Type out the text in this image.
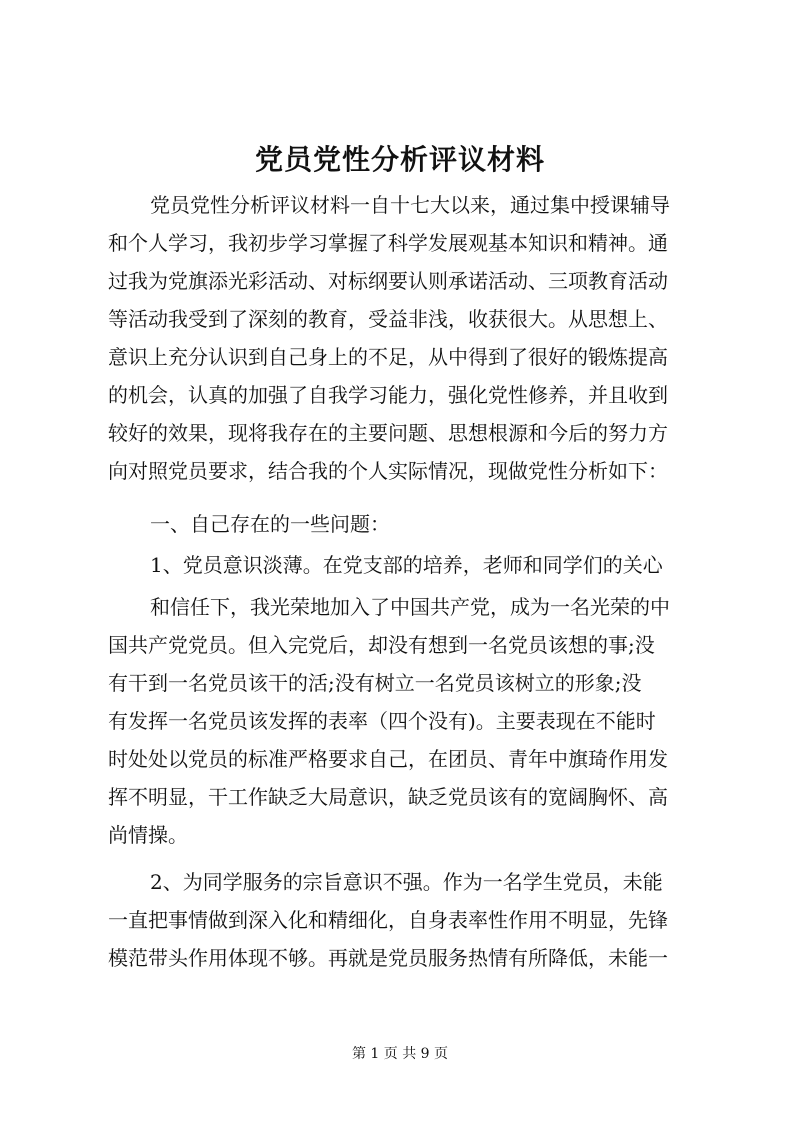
党员党性分析评议材料
党员党性分析评议材料一自十七大以来，通过集中授课辅导
和个人学习，我初步学习掌握了科学发展观基本知识和精神。通
过我为党旗添光彩活动、对标纲要认则承诺活动、三项教育活动
等活动我受到了深刻的教育，受益非浅，收获很大。从思想上、
意识上充分认识到自己身上的不足，从中得到了很好的锻炼提高
的机会，认真的加强了自我学习能力，强化党性修养，并且收到
较好的效果，现将我存在的主要问题、思想根源和今后的努力方
向对照党员要求，结合我的个人实际情况，现做党性分析如下：
一、自己存在的一些问题：
1、党员意识淡薄。在党支部的培养，老师和同学们的关心
和信任下，我光荣地加入了中国共产党，成为一名光荣的中
国共产党党员。但入完党后，却没有想到一名党员该想的事;没
有干到一名党员该干的活;没有树立一名党员该树立的形象;没
有发挥一名党员该发挥的表率（四个没有)。主要表现在不能时
时处处以党员的标准严格要求自己，在团员、青年中旗琦作用发
挥不明显，干工作缺乏大局意识，缺乏党员该有的宽阔胸怀、高
尚情操。
2、为同学服务的宗旨意识不强。作为一名学生党员，未能
一直把事情做到深入化和精细化，自身表率性作用不明显，先锋
模范带头作用体现不够。再就是党员服务热情有所降低，未能一
第 1 页 共 9 页
